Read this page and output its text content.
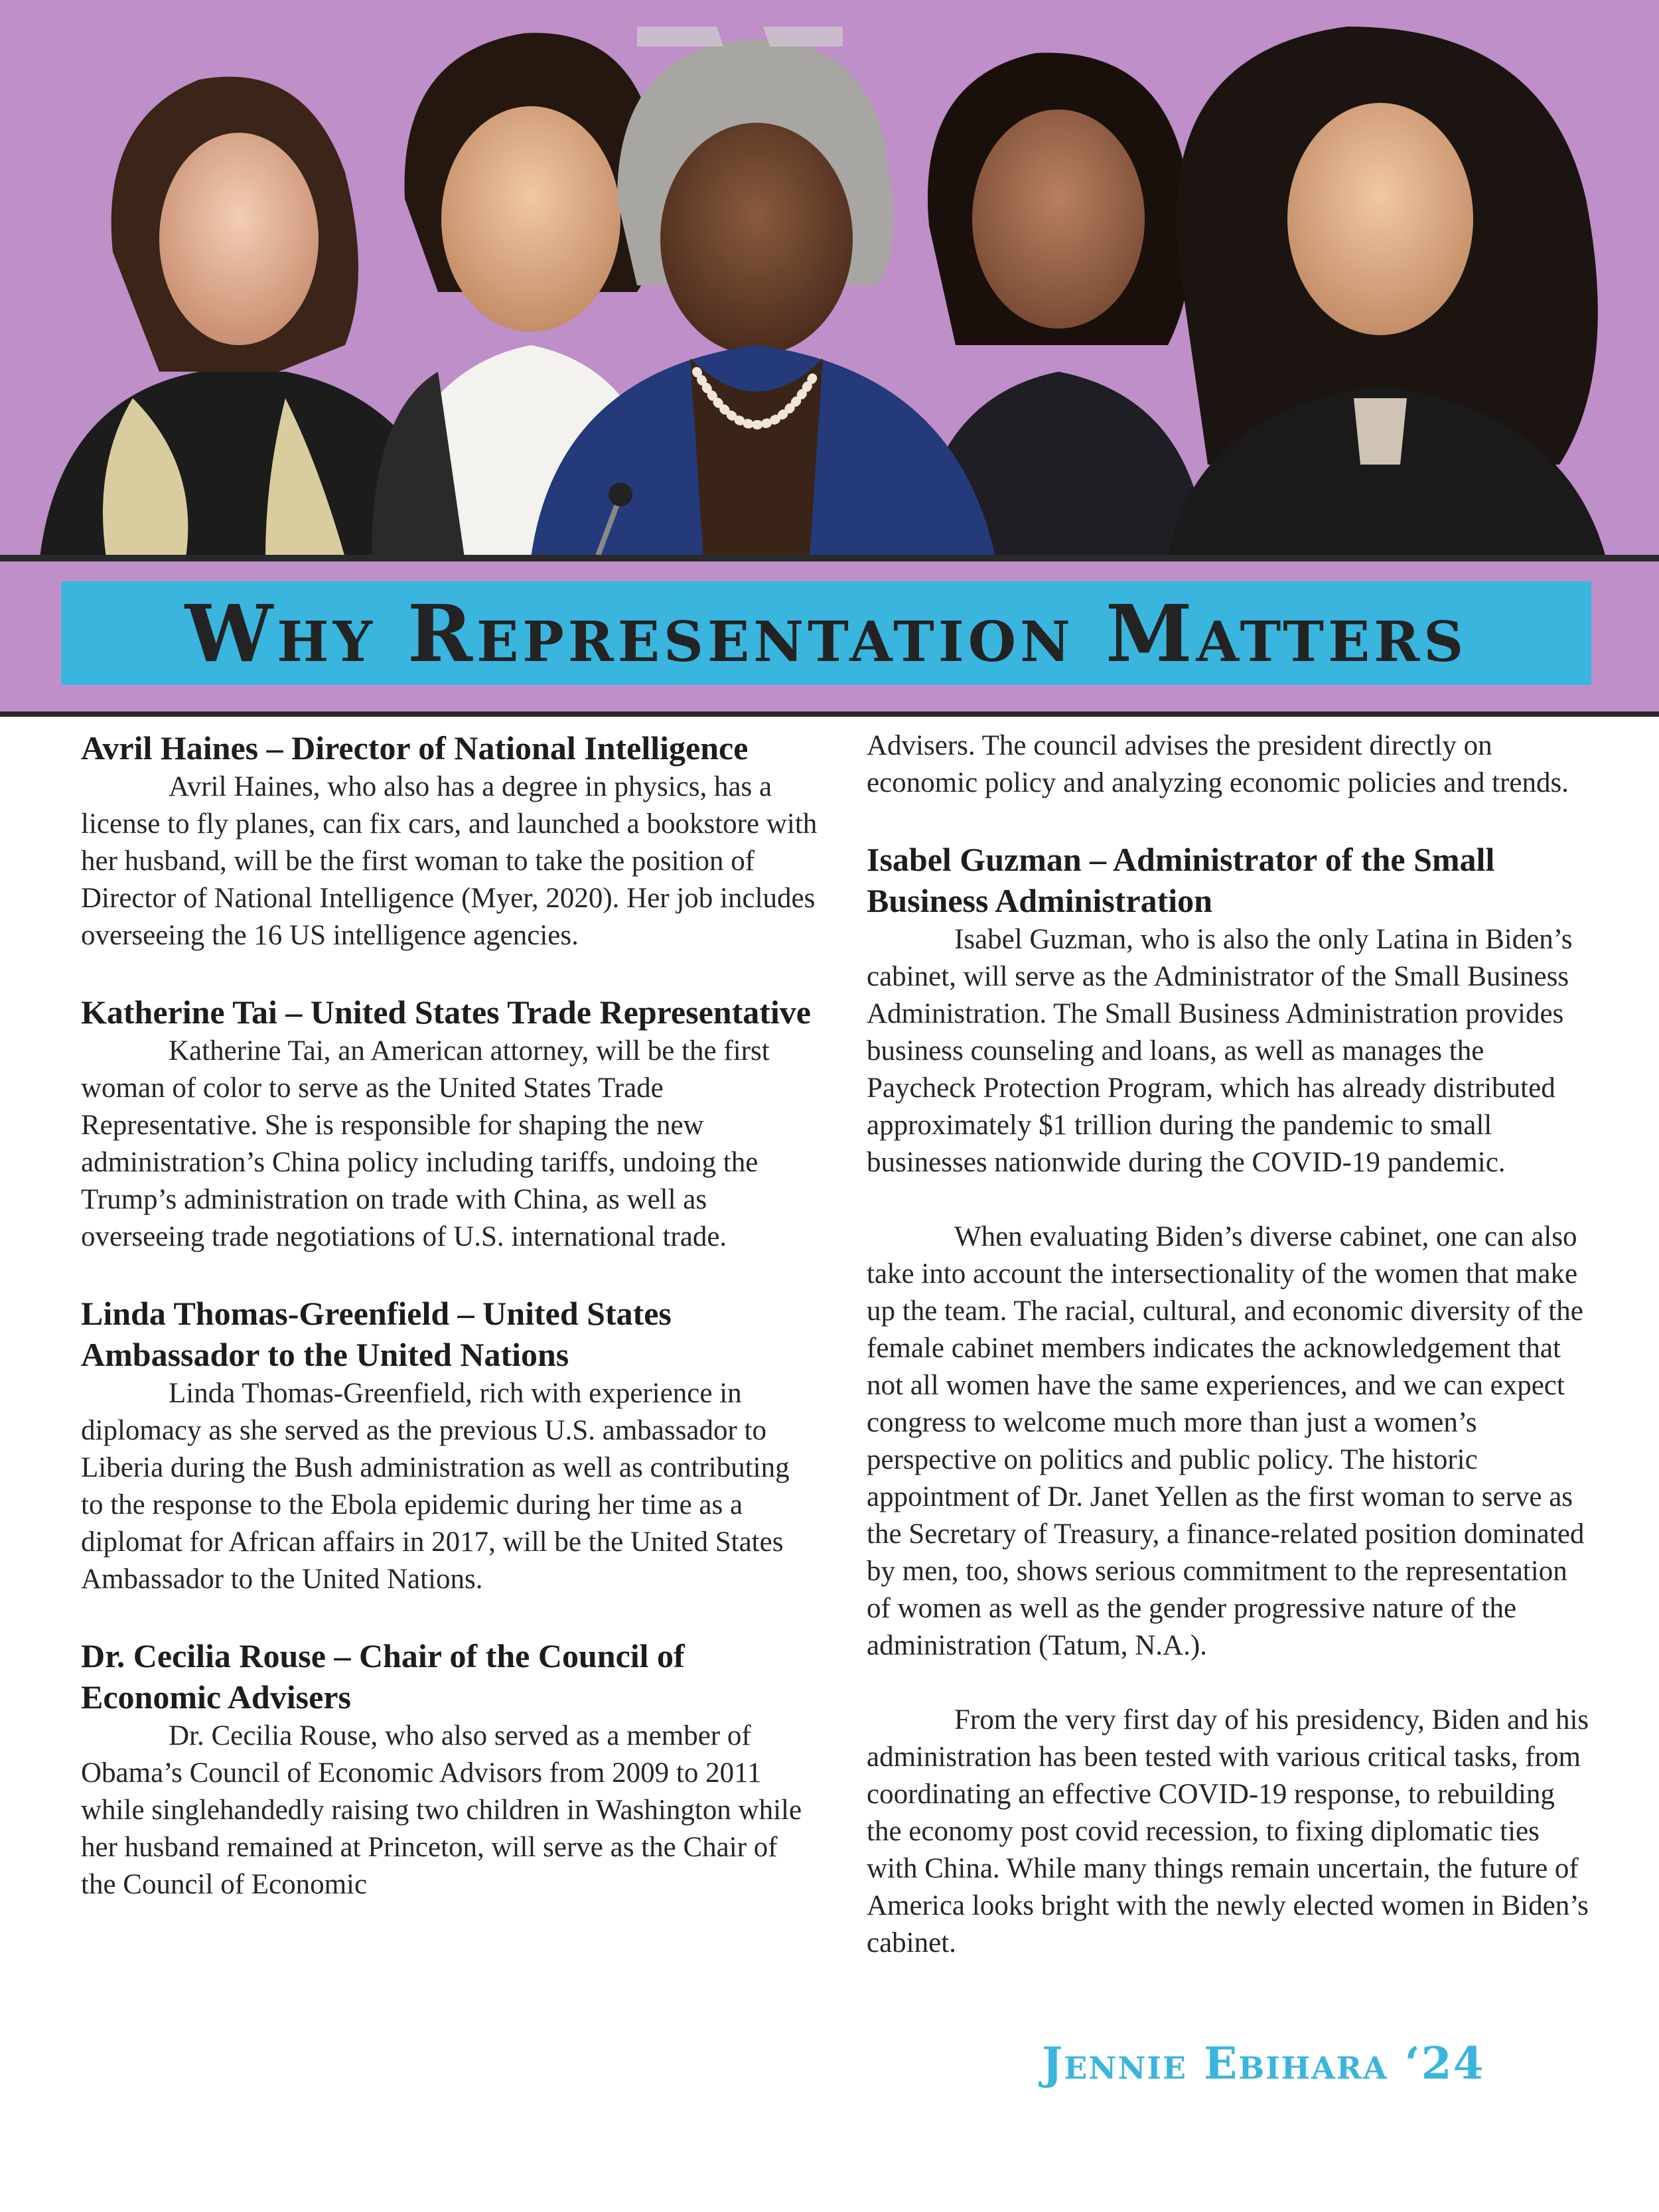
Why Representation Matters
Avril Haines – Director of National Intelligence
Avril Haines, who also has a degree in physics, has a license to fly planes, can fix cars, and launched a bookstore with her husband, will be the first woman to take the position of Director of National Intelligence (Myer, 2020). Her job includes overseeing the 16 US intelligence agencies.
Katherine Tai – United States Trade Representative
Katherine Tai, an American attorney, will be the first woman of color to serve as the United States Trade Representative. She is responsible for shaping the new administration’s China policy including tariffs, undoing the Trump’s administration on trade with China, as well as overseeing trade negotiations of U.S. international trade.
Linda Thomas-Greenfield – United States Ambassador to the United Nations
Linda Thomas-Greenfield, rich with experience in diplomacy as she served as the previous U.S. ambassador to Liberia during the Bush administration as well as contributing to the response to the Ebola epidemic during her time as a diplomat for African affairs in 2017, will be the United States Ambassador to the United Nations.
Dr. Cecilia Rouse – Chair of the Council of Economic Advisers
Dr. Cecilia Rouse, who also served as a member of Obama’s Council of Economic Advisors from 2009 to 2011 while singlehandedly raising two children in Washington while her husband remained at Princeton, will serve as the Chair of the Council of Economic
Advisers. The council advises the president directly on economic policy and analyzing economic policies and trends.
Isabel Guzman – Administrator of the Small Business Administration
Isabel Guzman, who is also the only Latina in Biden’s cabinet, will serve as the Administrator of the Small Business Administration. The Small Business Administration provides business counseling and loans, as well as manages the Paycheck Protection Program, which has already distributed approximately $1 trillion during the pandemic to small businesses nationwide during the COVID-19 pandemic.
When evaluating Biden’s diverse cabinet, one can also take into account the intersectionality of the women that make up the team. The racial, cultural, and economic diversity of the female cabinet members indicates the acknowledgement that not all women have the same experiences, and we can expect congress to welcome much more than just a women’s perspective on politics and public policy. The historic appointment of Dr. Janet Yellen as the first woman to serve as the Secretary of Treasury, a finance-related position dominated by men, too, shows serious commitment to the representation of women as well as the gender progressive nature of the administration (Tatum, N.A.).
From the very first day of his presidency, Biden and his administration has been tested with various critical tasks, from coordinating an effective COVID-19 response, to rebuilding the economy post covid recession, to fixing diplomatic ties with China. While many things remain uncertain, the future of America looks bright with the newly elected women in Biden’s cabinet.
Jennie Ebihara ‘24
